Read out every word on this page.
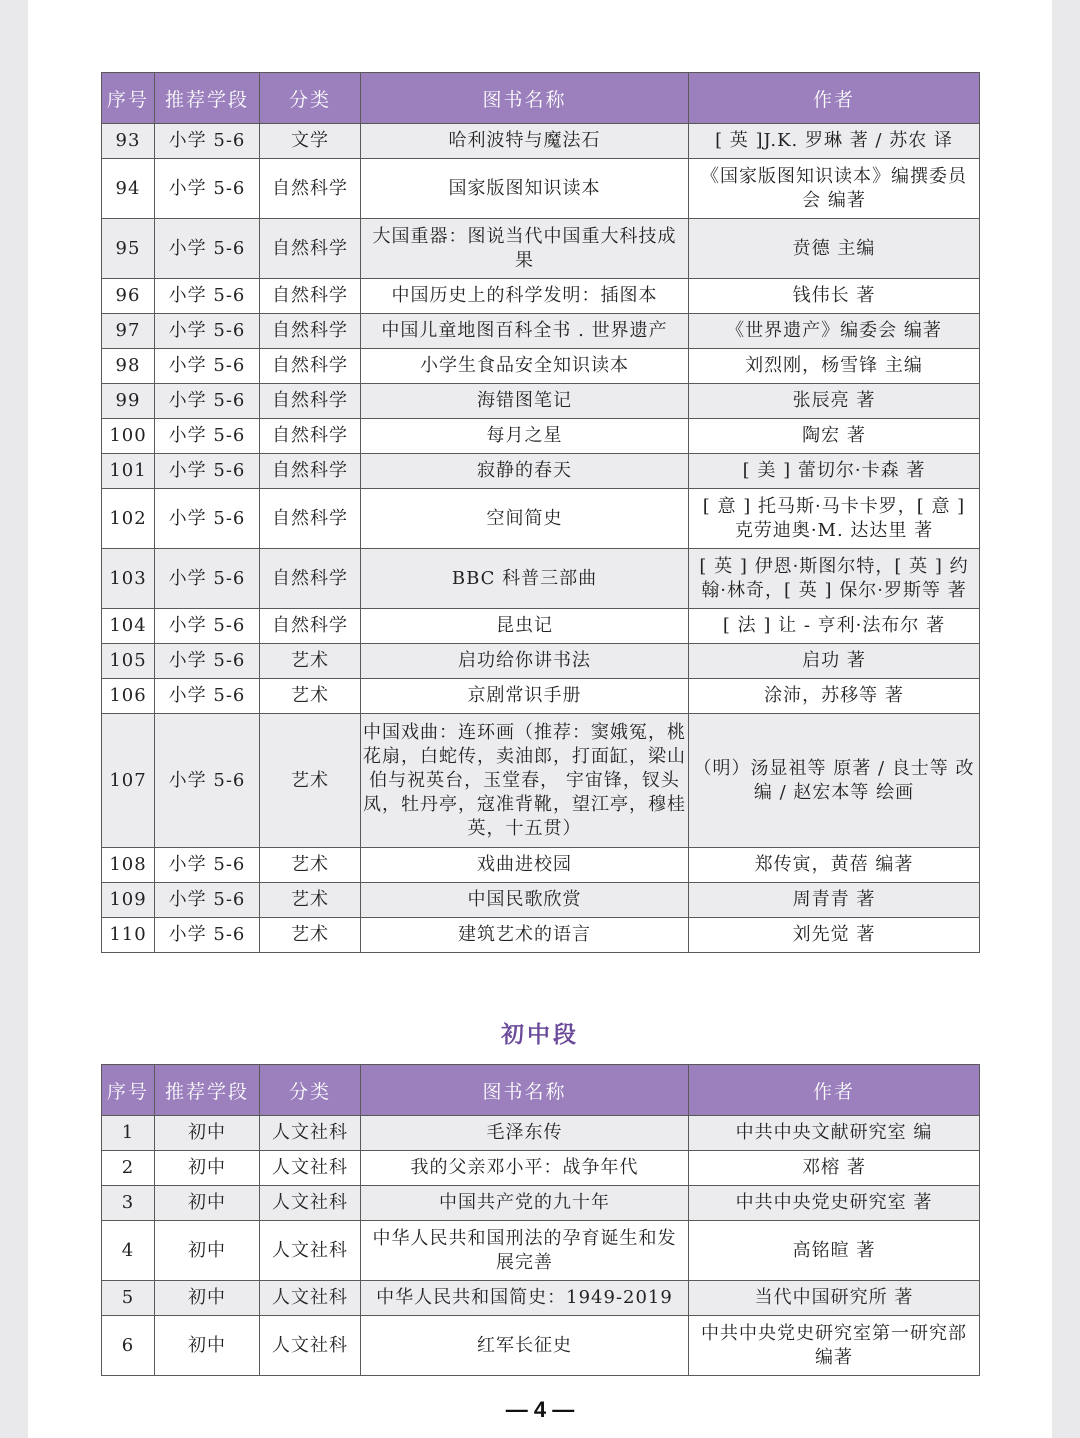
序号	推荐学段	分类	图书名称	作者
93	小学 5-6	文学	哈利波特与魔法石	[ 英 ]J.K. 罗琳 著 / 苏农 译
94	小学 5-6	自然科学	国家版图知识读本	《国家版图知识读本》编撰委员会 编著
95	小学 5-6	自然科学	大国重器：图说当代中国重大科技成果	贲德 主编
96	小学 5-6	自然科学	中国历史上的科学发明：插图本	钱伟长 著
97	小学 5-6	自然科学	中国儿童地图百科全书 . 世界遗产	《世界遗产》编委会 编著
98	小学 5-6	自然科学	小学生食品安全知识读本	刘烈刚，杨雪锋 主编
99	小学 5-6	自然科学	海错图笔记	张辰亮 著
100	小学 5-6	自然科学	每月之星	陶宏 著
101	小学 5-6	自然科学	寂静的春天	[ 美 ] 蕾切尔·卡森 著
102	小学 5-6	自然科学	空间简史	[ 意 ] 托马斯·马卡卡罗，[ 意 ] 克劳迪奥·M. 达达里 著
103	小学 5-6	自然科学	BBC 科普三部曲	[ 英 ] 伊恩·斯图尔特，[ 英 ] 约翰·林奇，[ 英 ] 保尔·罗斯等 著
104	小学 5-6	自然科学	昆虫记	[ 法 ] 让 - 亨利·法布尔 著
105	小学 5-6	艺术	启功给你讲书法	启功 著
106	小学 5-6	艺术	京剧常识手册	涂沛，苏移等 著
107	小学 5-6	艺术	中国戏曲：连环画（推荐：窦娥冤，桃花扇，白蛇传，卖油郎，打面缸，梁山伯与祝英台，玉堂春， 宇宙锋，钗头凤，牡丹亭，寇准背靴，望江亭，穆桂英，十五贯）	（明）汤显祖等 原著 / 良士等 改编 / 赵宏本等 绘画
108	小学 5-6	艺术	戏曲进校园	郑传寅，黄蓓 编著
109	小学 5-6	艺术	中国民歌欣赏	周青青 著
110	小学 5-6	艺术	建筑艺术的语言	刘先觉 著
初中段
序号	推荐学段	分类	图书名称	作者
1	初中	人文社科	毛泽东传	中共中央文献研究室 编
2	初中	人文社科	我的父亲邓小平：战争年代	邓榕 著
3	初中	人文社科	中国共产党的九十年	中共中央党史研究室 著
4	初中	人文社科	中华人民共和国刑法的孕育诞生和发展完善	高铭暄 著
5	初中	人文社科	中华人民共和国简史：1949-2019	当代中国研究所 著
6	初中	人文社科	红军长征史	中共中央党史研究室第一研究部 编著
— 4 —
